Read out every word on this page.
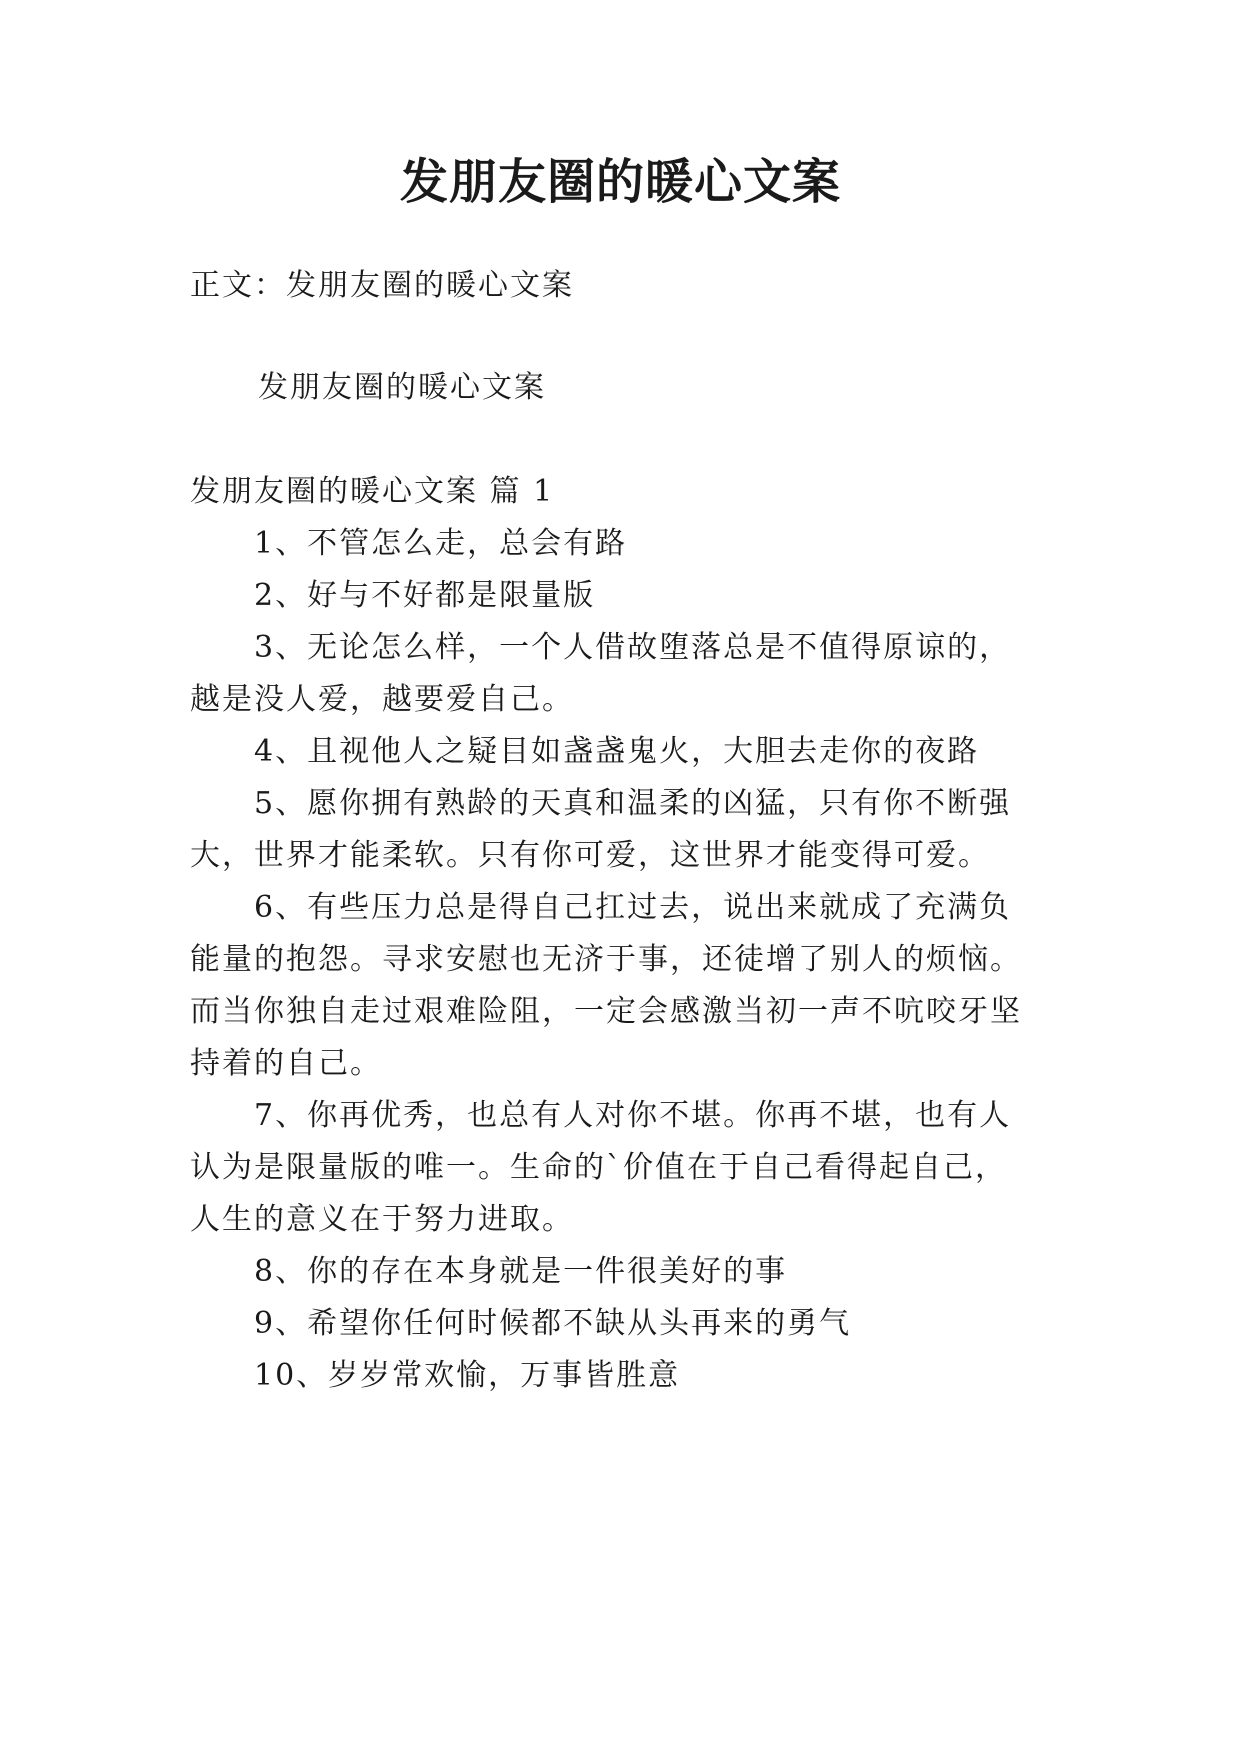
发朋友圈的暖心文案
正文：发朋友圈的暖心文案
发朋友圈的暖心文案
发朋友圈的暖心文案 篇 1
1、不管怎么走，总会有路
2、好与不好都是限量版
3、无论怎么样，一个人借故堕落总是不值得原谅的，
越是没人爱，越要爱自己。
4、且视他人之疑目如盏盏鬼火，大胆去走你的夜路
5、愿你拥有熟龄的天真和温柔的凶猛，只有你不断强
大，世界才能柔软。只有你可爱，这世界才能变得可爱。
6、有些压力总是得自己扛过去，说出来就成了充满负
能量的抱怨。寻求安慰也无济于事，还徒增了别人的烦恼。
而当你独自走过艰难险阻，一定会感激当初一声不吭咬牙坚
持着的自己。
7、你再优秀，也总有人对你不堪。你再不堪，也有人
认为是限量版的唯一。生命的`价值在于自己看得起自己，
人生的意义在于努力进取。
8、你的存在本身就是一件很美好的事
9、希望你任何时候都不缺从头再来的勇气
10、岁岁常欢愉，万事皆胜意
